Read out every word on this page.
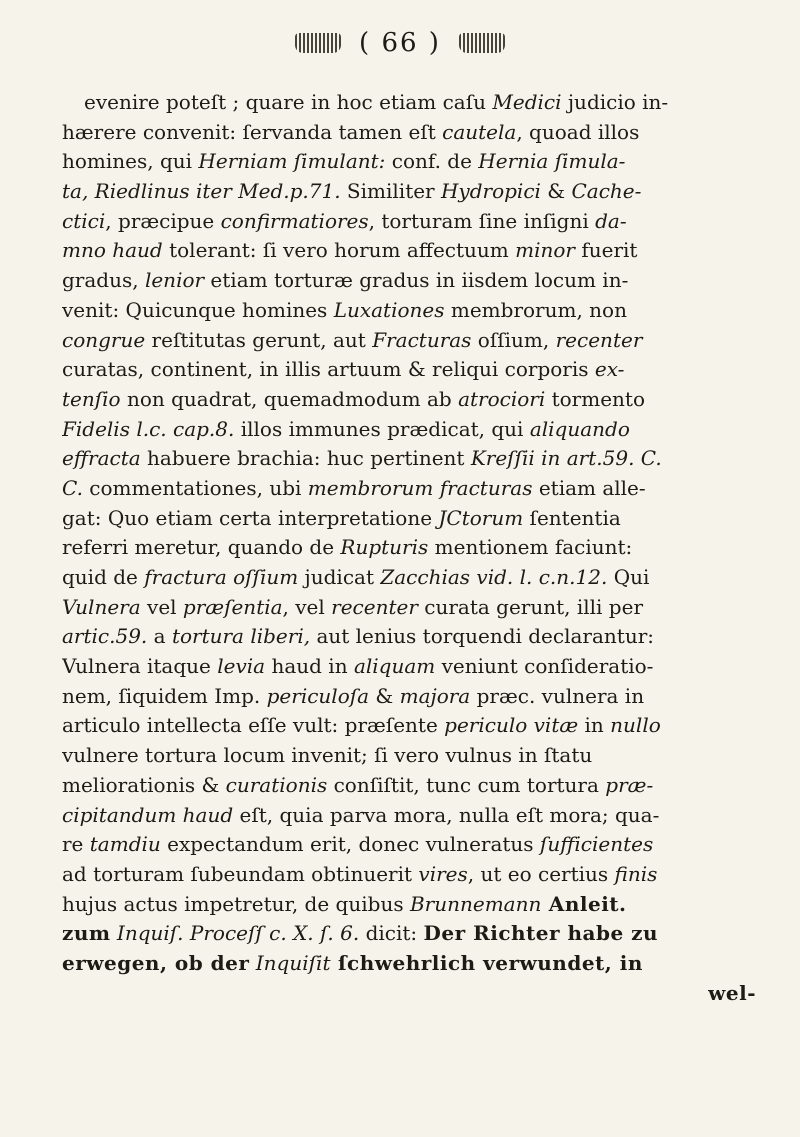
( 66 )
evenire poteſt ; quare in hoc etiam caſu Medici judicio in-
hærere convenit: ſervanda tamen eſt cautela, quoad illos
homines, qui Herniam ſimulant: conf. de Hernia ſimula-
ta, Riedlinus iter Med.p.71. Similiter Hydropici & Cache-
ctici, præcipue confirmatiores, torturam ſine inſigni da-
mno haud tolerant: ſi vero horum affectuum minor fuerit
gradus, lenior etiam torturæ gradus in iisdem locum in-
venit: Quicunque homines Luxationes membrorum, non
congrue reſtitutas gerunt, aut Fracturas oſſium, recenter
curatas, continent, in illis artuum & reliqui corporis ex-
tenſio non quadrat, quemadmodum ab atrociori tormento
Fidelis l.c. cap.8. illos immunes prædicat, qui aliquando
effracta habuere brachia: huc pertinent Kreſſii in art.59. C.
C. commentationes, ubi membrorum fracturas etiam alle-
gat: Quo etiam certa interpretatione JCtorum ſententia
referri meretur, quando de Rupturis mentionem faciunt:
quid de fractura oſſium judicat Zacchias vid. l. c.n.12. Qui
Vulnera vel præſentia, vel recenter curata gerunt, illi per
artic.59. a tortura liberi, aut lenius torquendi declarantur:
Vulnera itaque levia haud in aliquam veniunt conſideratio-
nem, ſiquidem Imp. periculoſa & majora præc. vulnera in
articulo intellecta eſſe vult: præſente periculo vitæ in nullo
vulnere tortura locum invenit; ſi vero vulnus in ſtatu
meliorationis & curationis conſiſtit, tunc cum tortura præ-
cipitandum haud eſt, quia parva mora, nulla eſt mora; qua-
re tamdiu expectandum erit, donec vulneratus ſufficientes
ad torturam ſubeundam obtinuerit vires, ut eo certius finis
hujus actus impetretur, de quibus Brunnemann Anleit.
zum Inquiſ. Proceſſ c. X. ſ. 6. dicit: Der Richter habe zu
erwegen, ob der Inquiſit ſchwehrlich verwundet, in
wel-
